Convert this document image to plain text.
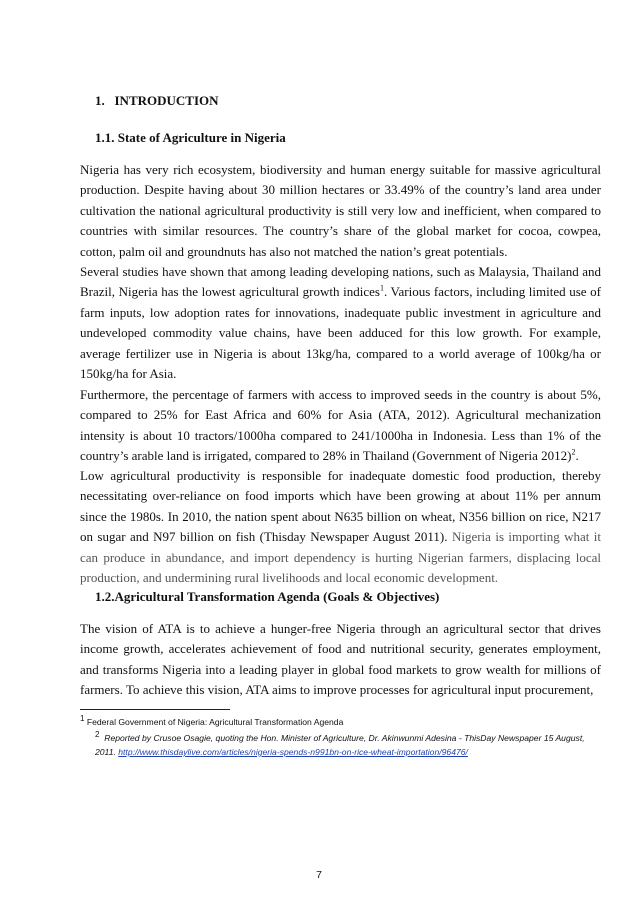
1.   INTRODUCTION
1.1. State of Agriculture in Nigeria

Nigeria has very rich ecosystem, biodiversity and human energy suitable for massive agricultural production. Despite having about 30 million hectares or 33.49% of the country’s land area under cultivation the national agricultural productivity is still very low and inefficient, when compared to countries with similar resources. The country’s share of the global market for cocoa, cowpea, cotton, palm oil and groundnuts has also not matched the nation’s great potentials.

Several studies have shown that among leading developing nations, such as Malaysia, Thailand and Brazil, Nigeria has the lowest agricultural growth indices$^1$. Various factors, including limited use of farm inputs, low adoption rates for innovations, inadequate public investment in agriculture and undeveloped commodity value chains, have been adduced for this low growth. For example, average fertilizer use in Nigeria is about 13kg/ha, compared to a world average of 100kg/ha or 150kg/ha for Asia.

Furthermore, the percentage of farmers with access to improved seeds in the country is about 5%, compared to 25% for East Africa and 60% for Asia (ATA, 2012). Agricultural mechanization intensity is about 10 tractors/1000ha compared to 241/1000ha in Indonesia. Less than 1% of the country’s arable land is irrigated, compared to 28% in Thailand (Government of Nigeria 2012)$^2$.

Low agricultural productivity is responsible for inadequate domestic food production, thereby necessitating over-reliance on food imports which have been growing at about 11% per annum since the 1980s. In 2010, the nation spent about N635 billion on wheat, N356 billion on rice, N217 on sugar and N97 billion on fish (Thisday Newspaper August 2011). Nigeria is importing what it can produce in abundance, and import dependency is hurting Nigerian farmers, displacing local production, and undermining rural livelihoods and local economic development.

1.2.Agricultural Transformation Agenda (Goals & Objectives)

The vision of ATA is to achieve a hunger-free Nigeria through an agricultural sector that drives income growth, accelerates achievement of food and nutritional security, generates employment, and transforms Nigeria into a leading player in global food markets to grow wealth for millions of farmers. To achieve this vision, ATA aims to improve processes for agricultural input procurement,

$^1$ Federal Government of Nigeria: Agricultural Transformation Agenda
$^2$ Reported by Crusoe Osagie, quoting the Hon. Minister of Agriculture, Dr. Akinwunmi Adesina - ThisDay Newspaper 15 August, 2011. http://www.thisdaylive.com/articles/nigeria-spends-n991bn-on-rice-wheat-importation/96476/
7
